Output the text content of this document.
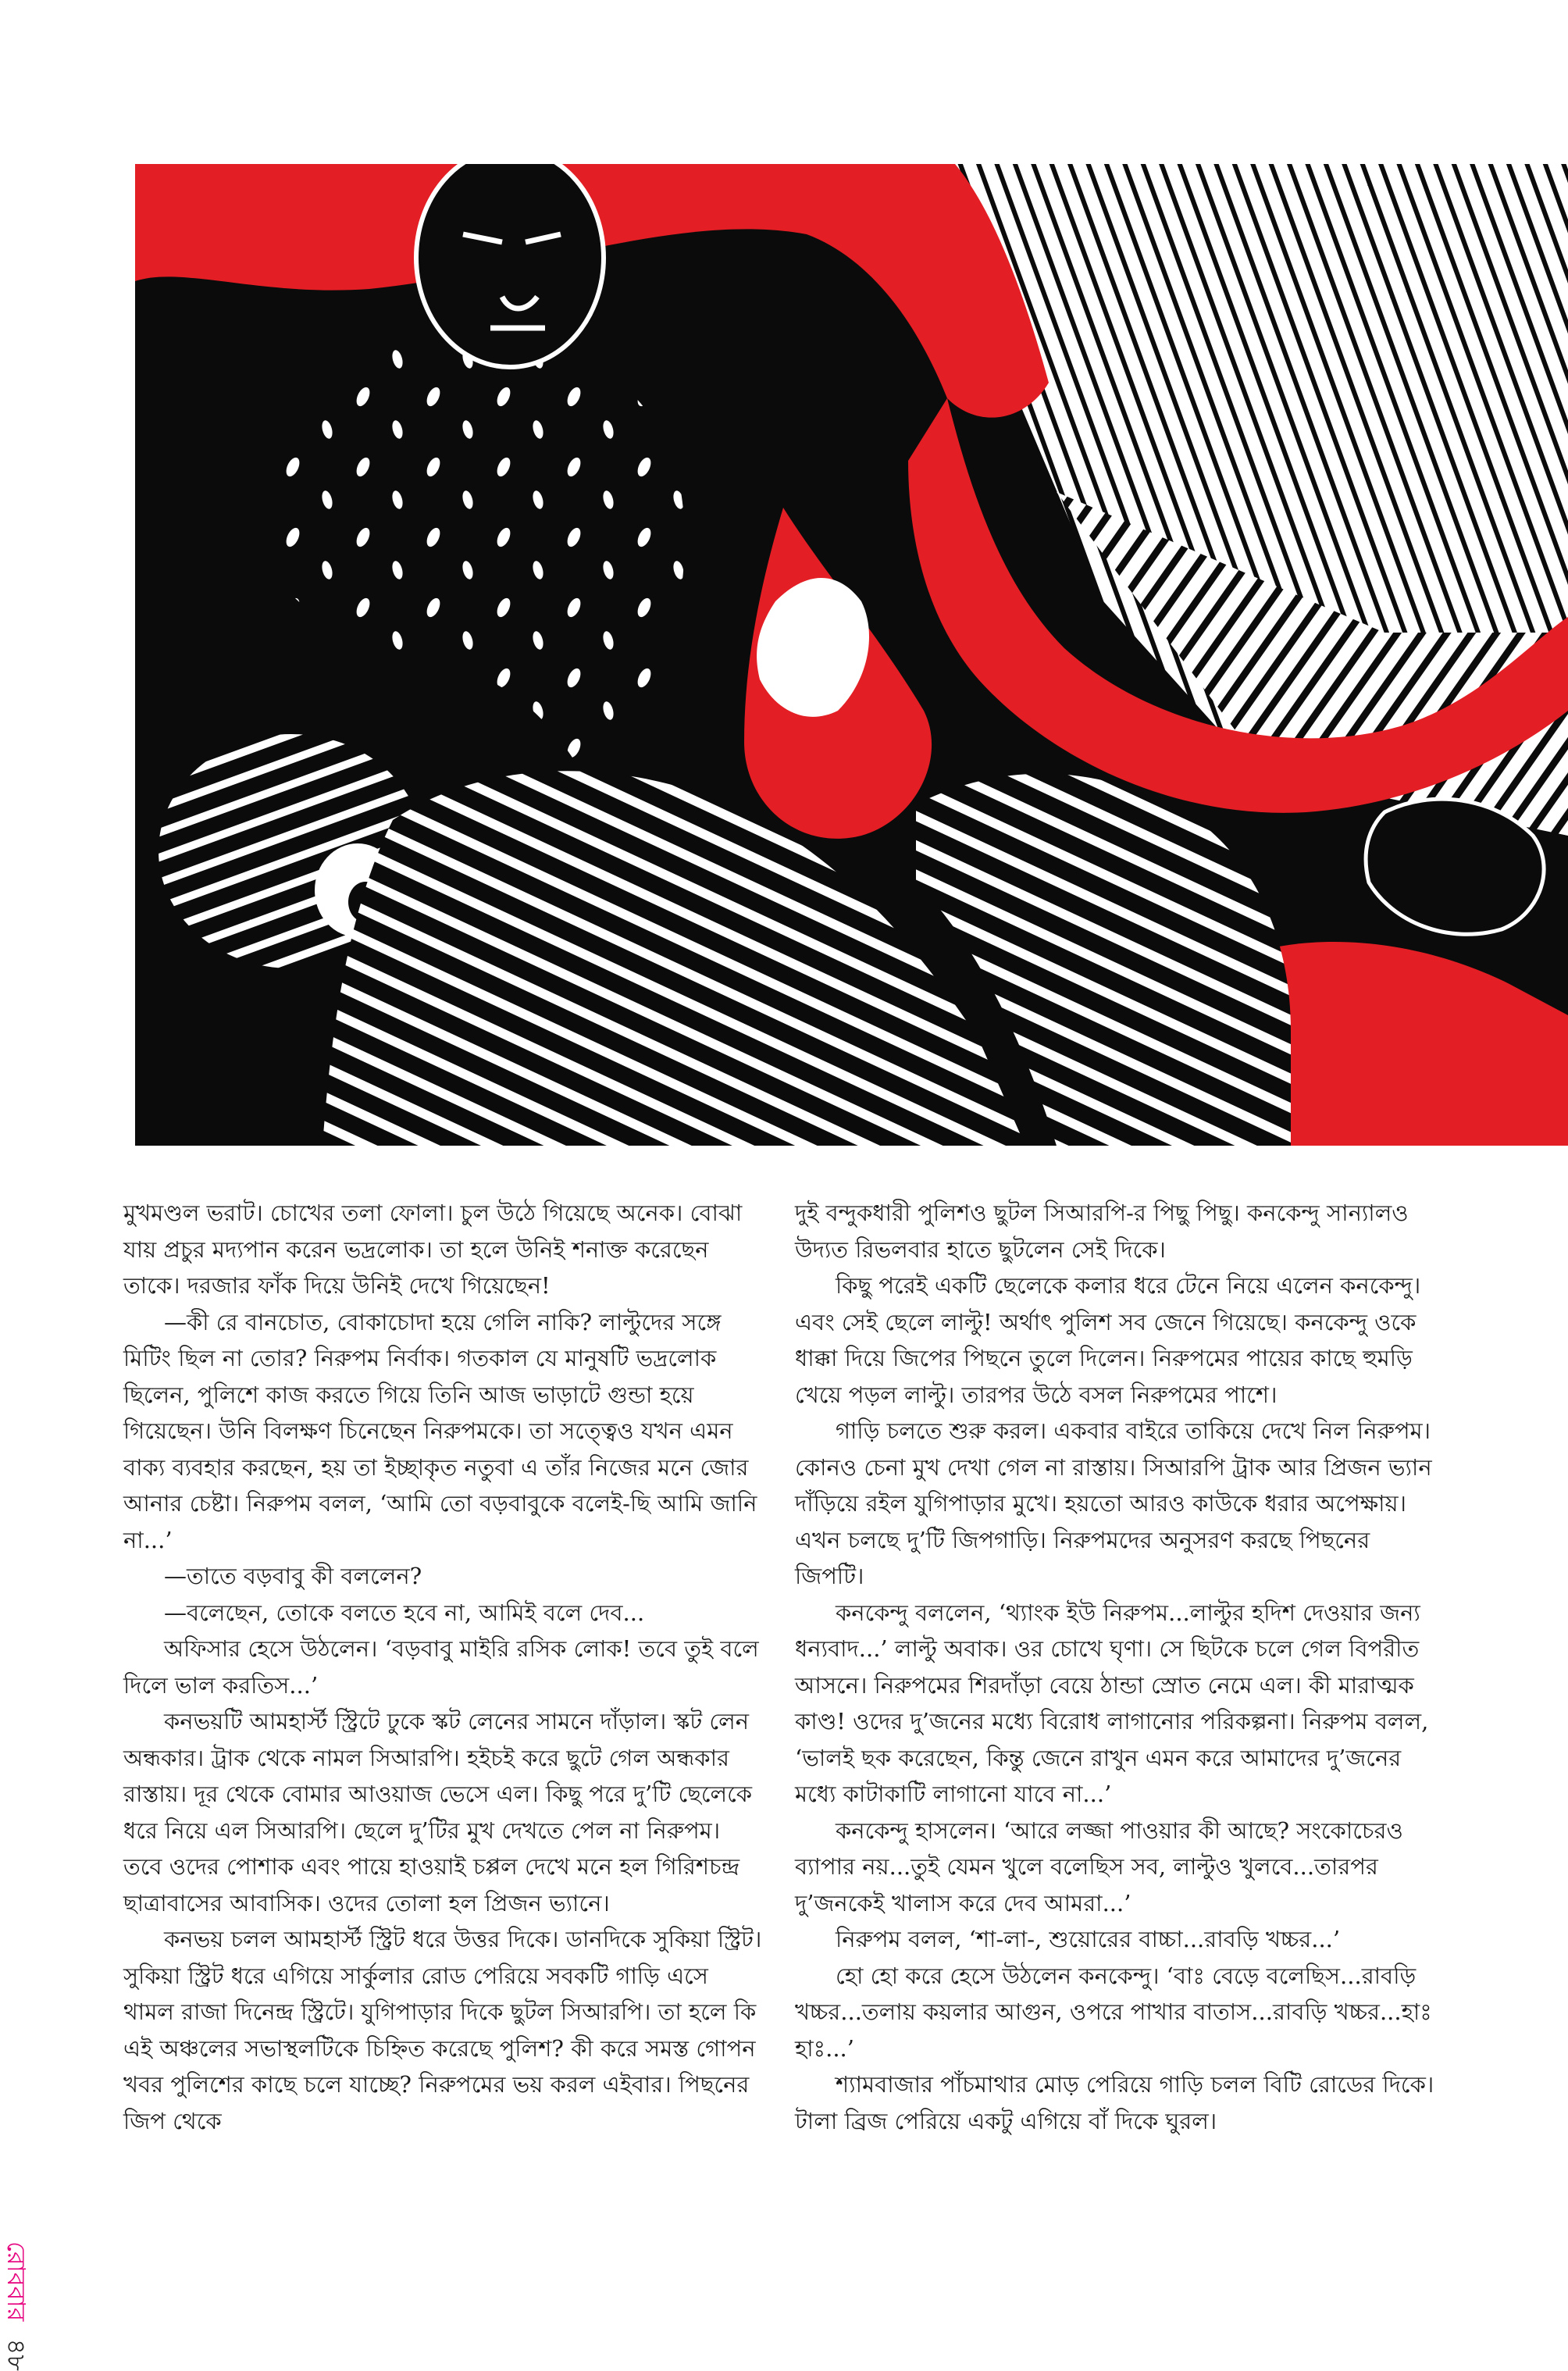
মুখমণ্ডল ভরাট। চোখের তলা ফোলা। চুল উঠে গিয়েছে অনেক। বোঝা যায় প্রচুর মদ্যপান করেন ভদ্রলোক। তা হলে উনিই শনাক্ত করেছেন তাকে। দরজার ফাঁক দিয়ে উনিই দেখে গিয়েছেন!

—কী রে বানচোত, বোকাচোদা হয়ে গেলি নাকি? লাল্টুদের সঙ্গে মিটিং ছিল না তোর? নিরুপম নির্বাক। গতকাল যে মানুষটি ভদ্রলোক ছিলেন, পুলিশে কাজ করতে গিয়ে তিনি আজ ভাড়াটে গুন্ডা হয়ে গিয়েছেন। উনি বিলক্ষণ চিনেছেন নিরুপমকে। তা সত্ত্বেও যখন এমন বাক্য ব্যবহার করছেন, হয় তা ইচ্ছাকৃত নতুবা এ তাঁর নিজের মনে জোর আনার চেষ্টা। নিরুপম বলল, ‘আমি তো বড়বাবুকে বলেই-ছি আমি জানি না...’

—তাতে বড়বাবু কী বললেন?

—বলেছেন, তোকে বলতে হবে না, আমিই বলে দেব...

অফিসার হেসে উঠলেন। ‘বড়বাবু মাইরি রসিক লোক! তবে তুই বলে দিলে ভাল করতিস...’

কনভয়টি আমহার্স্ট স্ট্রিটে ঢুকে স্কট লেনের সামনে দাঁড়াল। স্কট লেন অন্ধকার। ট্রাক থেকে নামল সিআরপি। হইচই করে ছুটে গেল অন্ধকার রাস্তায়। দূর থেকে বোমার আওয়াজ ভেসে এল। কিছু পরে দু’টি ছেলেকে ধরে নিয়ে এল সিআরপি। ছেলে দু’টির মুখ দেখতে পেল না নিরুপম। তবে ওদের পোশাক এবং পায়ে হাওয়াই চপ্পল দেখে মনে হল গিরিশচন্দ্র ছাত্রাবাসের আবাসিক। ওদের তোলা হল প্রিজন ভ্যানে।

কনভয় চলল আমহার্স্ট স্ট্রিট ধরে উত্তর দিকে। ডানদিকে সুকিয়া স্ট্রিট। সুকিয়া স্ট্রিট ধরে এগিয়ে সার্কুলার রোড পেরিয়ে সবকটি গাড়ি এসে থামল রাজা দিনেন্দ্র স্ট্রিটে। যুগিপাড়ার দিকে ছুটল সিআরপি। তা হলে কি এই অঞ্চলের সভাস্থলটিকে চিহ্নিত করেছে পুলিশ? কী করে সমস্ত গোপন খবর পুলিশের কাছে চলে যাচ্ছে? নিরুপমের ভয় করল এইবার। পিছনের জিপ থেকে

দুই বন্দুকধারী পুলিশও ছুটল সিআরপি-র পিছু পিছু। কনকেন্দু সান্যালও উদ্যত রিভলবার হাতে ছুটলেন সেই দিকে।

কিছু পরেই একটি ছেলেকে কলার ধরে টেনে নিয়ে এলেন কনকেন্দু। এবং সেই ছেলে লাল্টু! অর্থাৎ পুলিশ সব জেনে গিয়েছে। কনকেন্দু ওকে ধাক্কা দিয়ে জিপের পিছনে তুলে দিলেন। নিরুপমের পায়ের কাছে হুমড়ি খেয়ে পড়ল লাল্টু। তারপর উঠে বসল নিরুপমের পাশে।

গাড়ি চলতে শুরু করল। একবার বাইরে তাকিয়ে দেখে নিল নিরুপম। কোনও চেনা মুখ দেখা গেল না রাস্তায়। সিআরপি ট্রাক আর প্রিজন ভ্যান দাঁড়িয়ে রইল যুগিপাড়ার মুখে। হয়তো আরও কাউকে ধরার অপেক্ষায়। এখন চলছে দু’টি জিপগাড়ি। নিরুপমদের অনুসরণ করছে পিছনের জিপটি।

কনকেন্দু বললেন, ‘থ্যাংক ইউ নিরুপম...লাল্টুর হদিশ দেওয়ার জন্য ধন্যবাদ...’ লাল্টু অবাক। ওর চোখে ঘৃণা। সে ছিটকে চলে গেল বিপরীত আসনে। নিরুপমের শিরদাঁড়া বেয়ে ঠান্ডা স্রোত নেমে এল। কী মারাত্মক কাণ্ড! ওদের দু’জনের মধ্যে বিরোধ লাগানোর পরিকল্পনা। নিরুপম বলল, ‘ভালই ছক করেছেন, কিন্তু জেনে রাখুন এমন করে আমাদের দু’জনের মধ্যে কাটাকাটি লাগানো যাবে না...’

কনকেন্দু হাসলেন। ‘আরে লজ্জা পাওয়ার কী আছে? সংকোচেরও ব্যাপার নয়...তুই যেমন খুলে বলেছিস সব, লাল্টুও খুলবে...তারপর দু’জনকেই খালাস করে দেব আমরা...’

নিরুপম বলল, ‘শা-লা-, শুয়োরের বাচ্চা...রাবড়ি খচ্চর...’

হো হো করে হেসে উঠলেন কনকেন্দু। ‘বাঃ বেড়ে বলেছিস...রাবড়ি খচ্চর...তলায় কয়লার আগুন, ওপরে পাখার বাতাস...রাবড়ি খচ্চর...হাঃ হাঃ...’

শ্যামবাজার পাঁচমাথার মোড় পেরিয়ে গাড়ি চলল বিটি রোডের দিকে। টালা ব্রিজ পেরিয়ে একটু এগিয়ে বাঁ দিকে ঘুরল।

রোববার ৪৮
